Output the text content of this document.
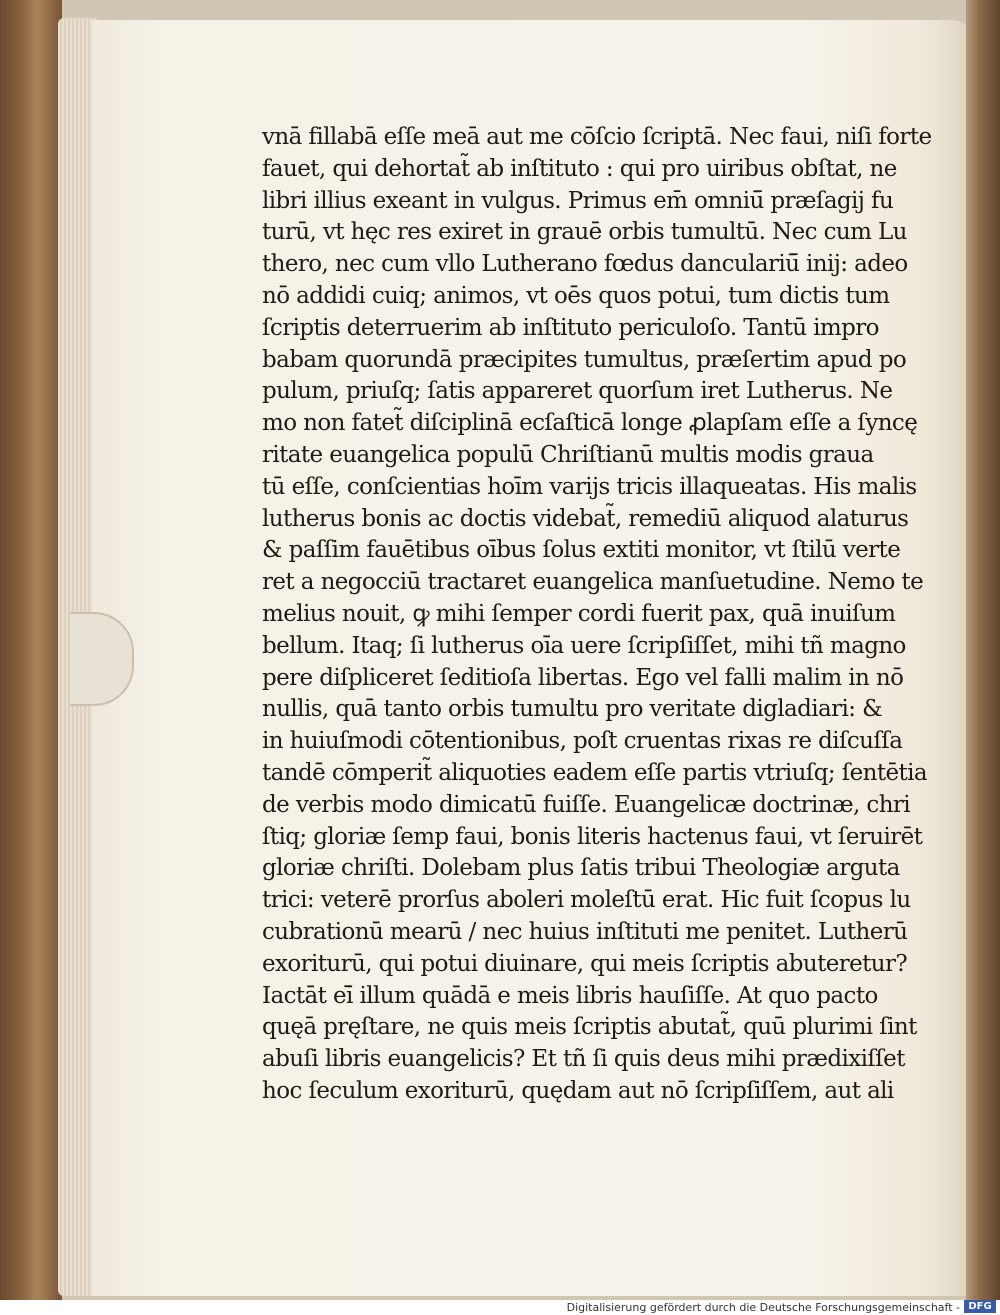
vnā fillabā eſſe meā aut me cōſcio ſcriptā. Nec faui, niſi forte
fauet, qui dehortat̃ ab inſtituto : qui pro uiribus obſtat, ne
libri illius exeant in vulgus. Primus em̄ omniū̄ præſagij fu
turū, vt hęc res exiret in grauē orbis tumultū. Nec cum Lu
thero, nec cum vllo Lutherano fœdus danculariū̄ inij: adeo
nō addidi cuiq; animos, vt oēs quos potui, tum dictis tum
ſcriptis deterruerim ab inſtituto periculoſo. Tantū impro
babam quorundā præcipites tumultus, præſertim apud po
pulum, priuſq; ſatis appareret quorſum iret Lutherus. Ne
mo non fatet̃ diſciplinā ecſaſticā longe ꝓlapſam eſſe a ſyncę
ritate euangelica populū Chriſtianū multis modis graua
tū eſſe, conſcientias hoīm varijs tricis illaqueatas. His malis
lutherus bonis ac doctis videbat̃, remediū aliquod alaturus
& paſſim fauētibus oībus ſolus extiti monitor, vt ſtilū verte
ret a negocciū tractaret euangelica manſuetudine. Nemo te
melius nouit, ꝙ mihi ſemper cordi fuerit pax, quā inuiſum
bellum. Itaq; ſi lutherus oīa uere ſcripſiſſet, mihi tñ magno
pere diſpliceret ſeditioſa libertas. Ego vel falli malim in nō
nullis, quā tanto orbis tumultu pro veritate digladiari: &
in huiuſmodi cōtentionibus, poſt cruentas rixas re diſcuſſa
tandē cōmperit̃ aliquoties eadem eſſe partis vtriuſq; ſentētia
de verbis modo dimicatū fuiſſe. Euangelicæ doctrinæ, chri
ſtiq; gloriæ ſemp faui, bonis literis hactenus faui, vt ſeruirēt
gloriæ chriſti. Dolebam plus ſatis tribui Theologiæ arguta
trici: veterē prorſus aboleri moleſtū erat. Hic fuit ſcopus lu
cubrationū mearū / nec huius inſtituti me penitet. Lutherū
exoriturū, qui potui diuinare, qui meis ſcriptis abuteretur?
Iactāt eī̄ illum quādā e meis libris hauſiſſe. At quo pacto
quęā pręſtare, ne quis meis ſcriptis abutat̃, quū plurimi ſint
abuſi libris euangelicis? Et tñ ſi quis deus mihi prædixiſſet
hoc ſeculum exoriturū, quędam aut nō ſcripſiſſem, aut ali
Digitalisierung gefördert durch die Deutsche Forschungsgemeinschaft - DFG
